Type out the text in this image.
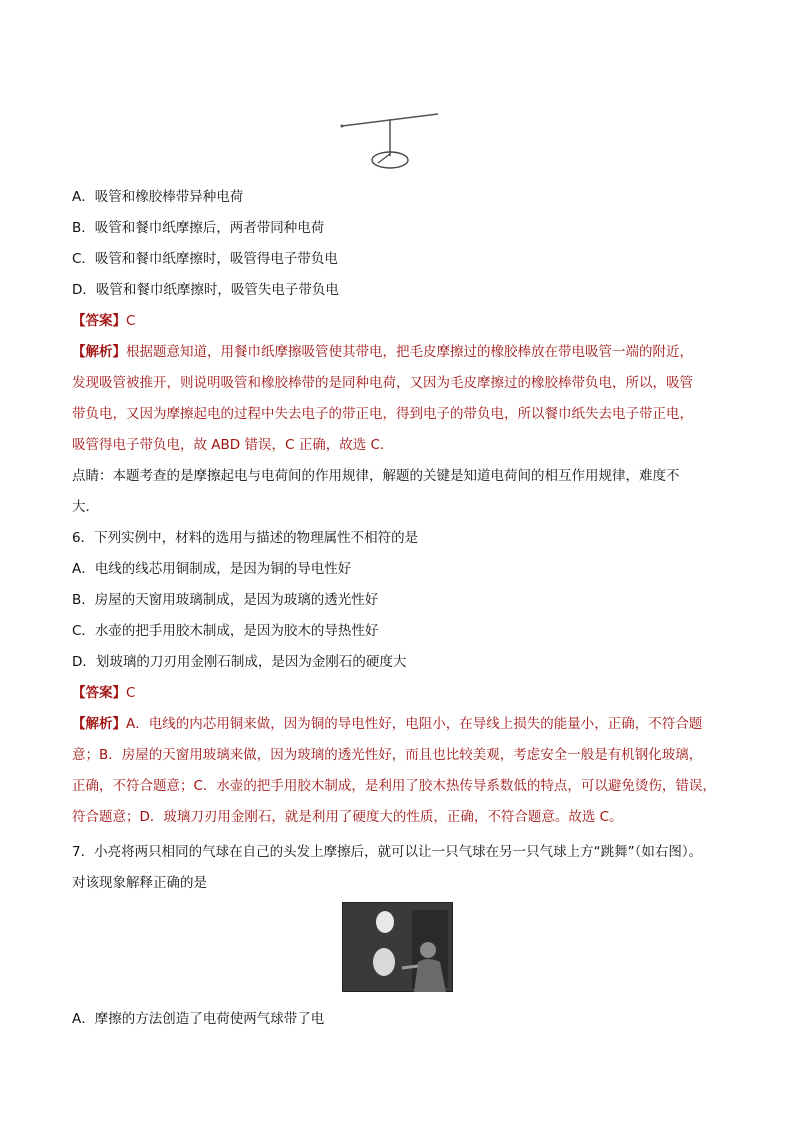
A．吸管和橡胶棒带异种电荷
B．吸管和餐巾纸摩擦后，两者带同种电荷
C．吸管和餐巾纸摩擦时，吸管得电子带负电
D．吸管和餐巾纸摩擦时，吸管失电子带负电
【答案】C
【解析】根据题意知道，用餐巾纸摩擦吸管使其带电，把毛皮摩擦过的橡胶棒放在带电吸管一端的附近，
发现吸管被推开，则说明吸管和橡胶棒带的是同种电荷，又因为毛皮摩擦过的橡胶棒带负电，所以，吸管
带负电，又因为摩擦起电的过程中失去电子的带正电，得到电子的带负电，所以餐巾纸失去电子带正电，
吸管得电子带负电，故 ABD 错误，C 正确，故选 C．
点睛：本题考查的是摩擦起电与电荷间的作用规律，解题的关键是知道电荷间的相互作用规律，难度不
大．
6．下列实例中，材料的选用与描述的物理属性不相符的是
A．电线的线芯用铜制成，是因为铜的导电性好
B．房屋的天窗用玻璃制成，是因为玻璃的透光性好
C．水壶的把手用胶木制成，是因为胶木的导热性好
D．划玻璃的刀刃用金刚石制成，是因为金刚石的硬度大
【答案】C
【解析】A．电线的内芯用铜来做，因为铜的导电性好，电阻小，在导线上损失的能量小，正确，不符合题
意；B．房屋的天窗用玻璃来做，因为玻璃的透光性好，而且也比较美观，考虑安全一般是有机钢化玻璃，
正确，不符合题意；C．水壶的把手用胶木制成，是利用了胶木热传导系数低的特点，可以避免烫伤，错误，
符合题意；D．玻璃刀刃用金刚石，就是利用了硬度大的性质，正确，不符合题意。故选 C。
7．小亮将两只相同的气球在自己的头发上摩擦后，就可以让一只气球在另一只气球上方“跳舞”（如右图）。
对该现象解释正确的是
A．摩擦的方法创造了电荷使两气球带了电
